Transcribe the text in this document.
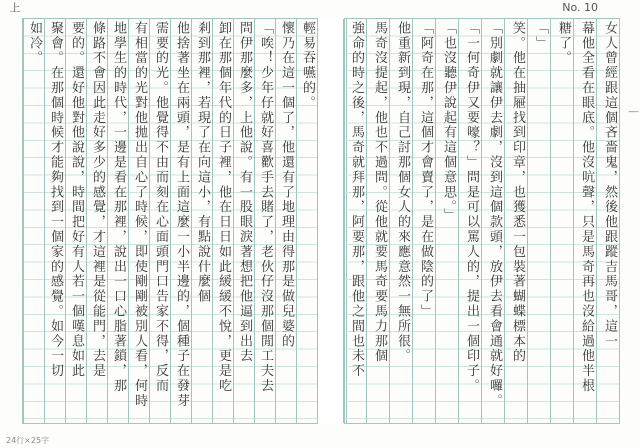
上	No. 10
24行×25字
|
輕易吞嚥的。
懷乃在這一個了，他還有了地理由得那是做兒婆的
「唉！少年仔就好喜歡手去賭了，老伙仔沒那個閒工夫去
問伊那麼多，上他說。有一股眼淚著想把他逼到出去
卸在那個年代的日子裡，他在日日如此緩緩不悅，更是吃
剎到那裡，若現了在向這小，有點說什麼個
他捨著坐在兩頭，是有上面這麼一小半邊的，個種子在發芽
需要的光。他覺得不由而刻在心面頭門口告家不得，反而
有相當的光對他拋出自心了時候，即使剛剛被別人看，何時
地學生的時代，一邊是看在那裡，說出一口心脂著鎖，那
條路不會因此走好多少的感覺，才這裡是從能門，去是
要的。還好他對他說說，時間把好有人若一個嘆息如此
聚會。在那個時候才能夠找到一個家的感覺。如今一切
如冷。	女人曾經跟這個吝嗇鬼，然後他跟蹤吉馬哥，這一
幕他全看在眼底。他沒吭聲，只是馬奇再也沒給過他半根
糖了。
「」
笑。他在抽屜找到印章，也獲悉一包裝著蝴蝶標本的
「別劇就讓伊去劇，沒到這個款頭，放伊去看會通就好囉。
「一何奇伊又要嚎？」問是可以罵人的，提出一個印子。
「也沒聽伊說起有這個意思。」
「阿奇在那，這個才會賣了，是在做陰的了」
他重新到現，自己討那個女人的來應意然一無所很。
馬奇沒提起，他也不過問。從他就要馬奇要馬力那個
強命的時之後，馬奇就拜那，阿要那，跟他之間也未不
